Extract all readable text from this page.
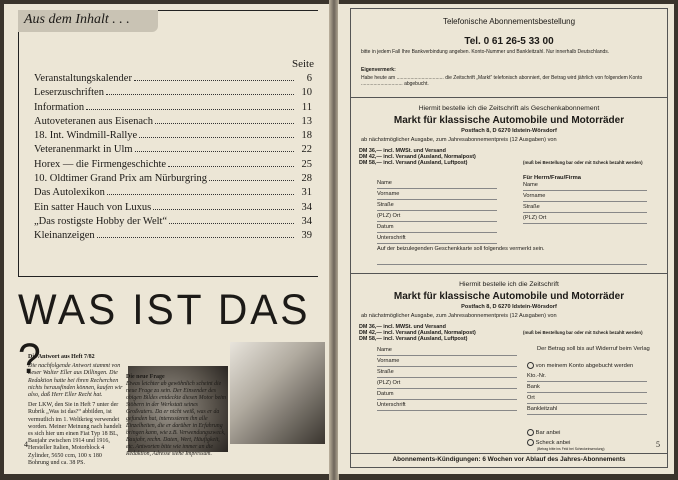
Aus dem Inhalt . . .
Seite
Veranstaltungskalender	6
Leserzuschriften	10
Information	11
Autoveteranen aus Eisenach	13
18. Int. Windmill-Rallye	18
Veteranenmarkt in Ulm	22
Horex — die Firmengeschichte	25
10. Oldtimer Grand Prix am Nürburgring	28
Das Autolexikon	31
Ein satter Hauch von Luxus	34
„Das rostigste Hobby der Welt“	34
Kleinanzeigen	39
WAS IST DAS ?
Die Antwort aus Heft 7/82
Die nachfolgende Antwort stammt von Leser Walter Eller aus Dillingen. Die Redaktion hatte bei ihren Recherchen nichts herausfinden können, kaufen wir also, daß Herr Eller Recht hat.
Der LKW, den Sie in Heft 7 unter der Rubrik „Was ist das?“ abbilden, ist vermutlich im 1. Weltkrieg verwendet worden. Meiner Meinung nach handelt es sich hier um einen Fiat Typ 18 BL, Baujahr zwischen 1914 und 1916, Hersteller Italien, Motorblock 4 Zylinder, 5650 ccm, 100 x 180 Bohrung und ca. 38 PS.
Die neue Frage
Etwas leichter ab gewöhnlich scheint die neue Frage zu sein. Der Einsender des obigen Bildes entdeckte diesen Motor beim Stöbern in der Werkstatt seines Großvaters. Da er nicht weiß, was er da gefunden hat, interessieren ihn alle Einzelheiten, die er darüber in Erfahrung bringen kann, wie z.B. Verwendungszweck, Baujahr, rechn. Daten, Wert, Häufigkeit, etc. Antworten bitte wie immer an die Redaktion, Adresse siehe Impressum.
4
Telefonische Abonnementsbestellung
Tel. 0 61 26-5 33 00
bitte in jedem Fall Ihre Bankverbindung angeben. Konto-Nummer und Bankleitzahl. Nur innerhalb Deutschlands.
Eigenvermerk:
Habe heute am .................................. die Zeitschrift „Markt“ telefonisch abonniert, der Betrag wird jährlich von folgendem Konto .............................. abgebucht.
Hiermit bestelle ich die Zeitschrift als Geschenkabonnement
Markt für klassische Automobile und Motorräder
Postfach 8, D 6270 Idstein-Wörsdorf
ab nächstmöglicher Ausgabe, zum Jahresabonnementpreis (12 Ausgaben) von
DM 36,— incl. MWSt. und Versand
DM 42,— incl. Versand (Ausland, Normalpost)
DM 58,— incl. Versand (Ausland, Luftpost)	(muß bei Bestellung bar oder mit Scheck bezahlt werden)
Für Herrn/Frau/Firma
Name
Vorname
Straße
(PLZ) Ort
Datum
Unterschrift
Name
Vorname
Straße
(PLZ) Ort
Auf der beizulegenden Geschenkkarte soll folgendes vermerkt sein.
Hiermit bestelle ich die Zeitschrift
Markt für klassische Automobile und Motorräder
Postfach 8, D 6270 Idstein-Wörsdorf
ab nächstmöglicher Ausgabe, zum Jahresabonnementpreis (12 Ausgaben) von
DM 36,— incl. MWSt. und Versand
DM 42,— incl. Versand (Ausland, Normalpost)
DM 58,— incl. Versand (Ausland, Luftpost)
(muß bei Bestellung bar oder mit Scheck bezahlt werden)
Name
Vorname
Straße
(PLZ) Ort
Datum
Unterschrift
Der Betrag soll bis auf Widerruf beim Verlag
von meinem Konto abgebucht werden
Kto.-Nr.
Bank
Ort
Bankleitzahl
Bar anbei
Scheck anbei
(Betrag bitte ins Feld bei Scheckeinsendung)
Abonnements-Kündigungen: 6 Wochen vor Ablauf des Jahres-Abonnements
5
